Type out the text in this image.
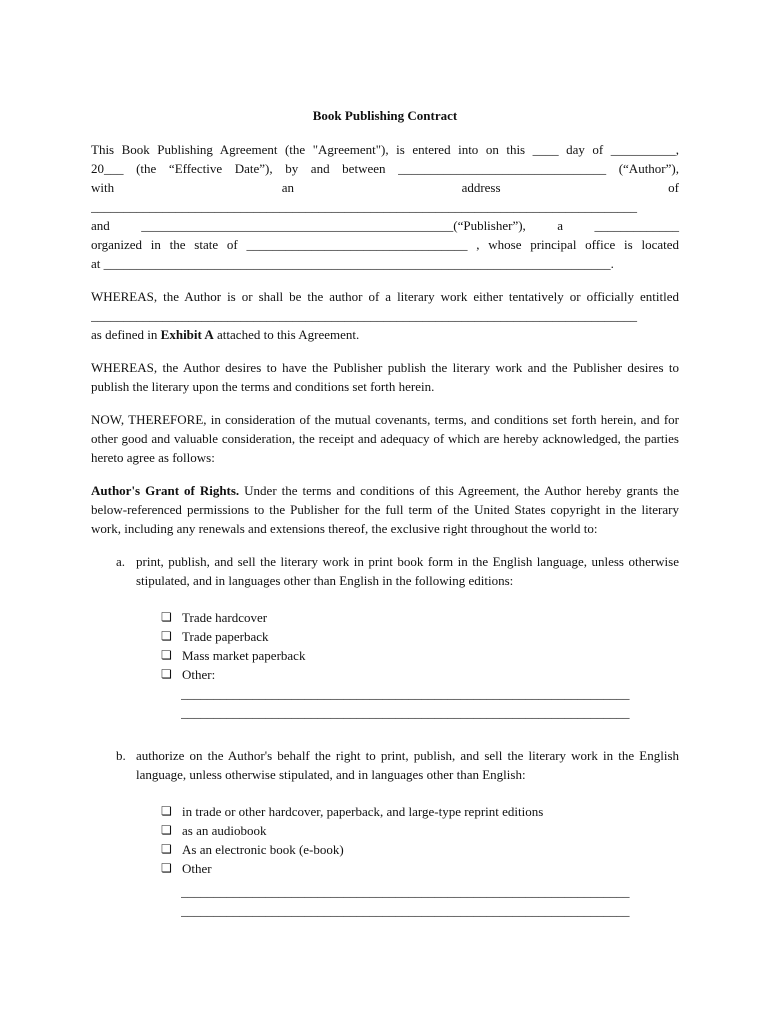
Book Publishing Contract
This Book Publishing Agreement (the "Agreement"), is entered into on this ____ day of __________,
20___ (the “Effective Date”), by and between ________________________________ (“Author”),
with	an	address	of
____________________________________________________________________________________
and ________________________________________________(“Publisher”), a _____________
organized in the state of __________________________________ , whose principal office is located
at ______________________________________________________________________________.
WHEREAS, the Author is or shall be the author of a literary work either tentatively or officially entitled
____________________________________________________________________________________
as defined in Exhibit A attached to this Agreement.

WHEREAS, the Author desires to have the Publisher publish the literary work and the Publisher desires to publish the literary upon the terms and conditions set forth herein.

NOW, THEREFORE, in consideration of the mutual covenants, terms, and conditions set forth herein, and for other good and valuable consideration, the receipt and adequacy of which are hereby acknowledged, the parties hereto agree as follows:

Author's Grant of Rights. Under the terms and conditions of this Agreement, the Author hereby grants the below-referenced permissions to the Publisher for the full term of the United States copyright in the literary work, including any renewals and extensions thereof, the exclusive right throughout the world to:

a. print, publish, and sell the literary work in print book form in the English language, unless otherwise stipulated, and in languages other than English in the following editions:
❏ Trade hardcover
❏ Trade paperback
❏ Mass market paperback
❏ Other:
_____________________________________________________________________
_____________________________________________________________________
b. authorize on the Author's behalf the right to print, publish, and sell the literary work in the English language, unless otherwise stipulated, and in languages other than English:
❏ in trade or other hardcover, paperback, and large-type reprint editions
❏ as an audiobook
❏ As an electronic book (e-book)
❏ Other
_____________________________________________________________________
_____________________________________________________________________
